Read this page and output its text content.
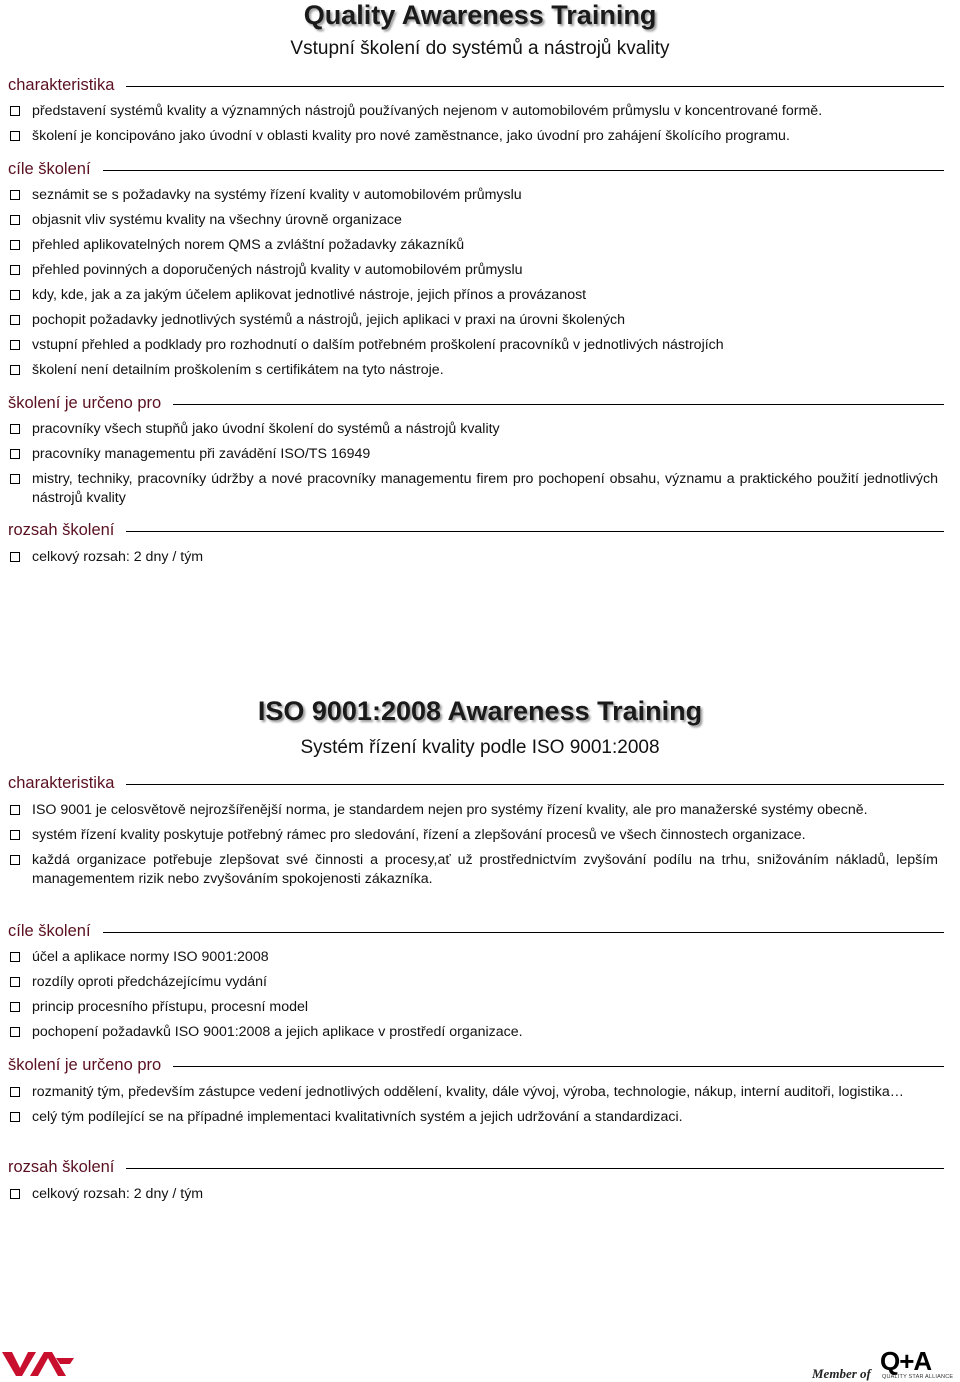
Quality Awareness Training
Vstupní školení do systémů a nástrojů kvality
charakteristika
představení systémů kvality a významných nástrojů používaných nejenom v automobilovém průmyslu v koncentrované formě.
školení je koncipováno jako úvodní v oblasti kvality pro nové zaměstnance, jako úvodní pro zahájení školícího programu.
cíle školení
seznámit se s požadavky na systémy řízení kvality v automobilovém průmyslu
objasnit vliv systému kvality na všechny úrovně organizace
přehled aplikovatelných norem QMS a zvláštní požadavky zákazníků
přehled povinných a doporučených nástrojů kvality v automobilovém průmyslu
kdy, kde, jak a za jakým účelem aplikovat jednotlivé nástroje, jejich přínos a provázanost
pochopit požadavky jednotlivých systémů a nástrojů, jejich aplikaci v praxi na úrovni školených
vstupní přehled a podklady pro rozhodnutí o dalším potřebném proškolení pracovníků v jednotlivých nástrojích
školení není detailním proškolením s certifikátem na tyto nástroje.
školení je určeno pro
pracovníky všech stupňů jako úvodní školení do systémů a nástrojů kvality
pracovníky managementu při zavádění ISO/TS 16949
mistry, techniky, pracovníky údržby a nové pracovníky managementu firem pro pochopení obsahu, významu a praktického použití jednotlivých nástrojů kvality
rozsah školení
celkový rozsah: 2 dny / tým
ISO 9001:2008 Awareness Training
Systém řízení kvality podle ISO 9001:2008
charakteristika
ISO 9001 je celosvětově nejrozšířenější norma, je standardem nejen pro systémy řízení kvality, ale pro manažerské systémy obecně.
systém řízení kvality poskytuje potřebný rámec pro sledování, řízení a zlepšování procesů ve všech činnostech organizace.
každá organizace potřebuje zlepšovat své činnosti a procesy,ať už prostřednictvím zvyšování podílu na trhu, snižováním nákladů, lepším managementem rizik nebo zvyšováním spokojenosti zákazníka.
cíle školení
účel a aplikace normy ISO 9001:2008
rozdíly oproti předcházejícímu vydání
princip procesního přístupu, procesní model
pochopení požadavků ISO 9001:2008 a jejich aplikace v prostředí organizace.
školení je určeno pro
rozmanitý tým, především zástupce vedení jednotlivých oddělení, kvality, dále vývoj, výroba, technologie, nákup, interní auditoři, logistika…
celý tým podílející se na případné implementaci kvalitativních systém a jejich udržování a standardizaci.
rozsah školení
celkový rozsah: 2 dny / tým
Member of Q+A
QUALITY STAR ALLIANCE
